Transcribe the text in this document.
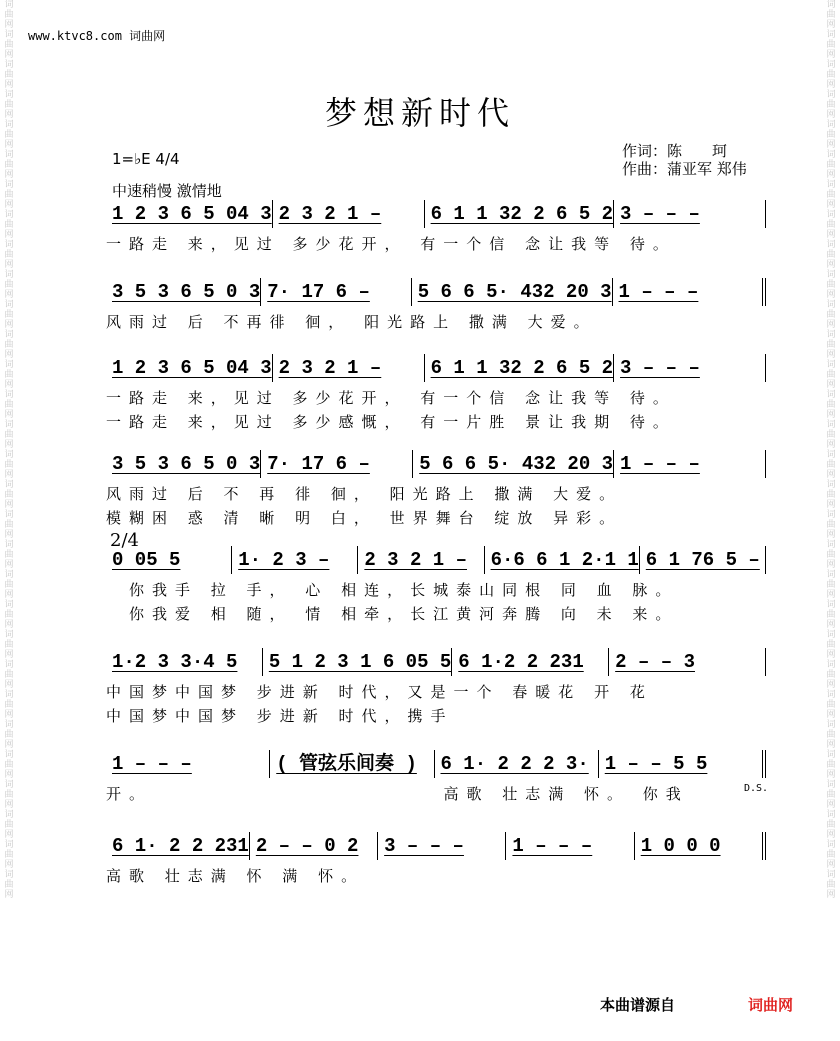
词曲网词曲网词曲网词曲网词曲网词曲网词曲网词曲网词曲网词曲网词曲网词曲网词曲网词曲网词曲网词曲网词曲网词曲网词曲网词曲网词曲网词曲网词曲网词曲网词曲网词曲网词曲网词曲网词曲网词曲网
词曲网词曲网词曲网词曲网词曲网词曲网词曲网词曲网词曲网词曲网词曲网词曲网词曲网词曲网词曲网词曲网词曲网词曲网词曲网词曲网词曲网词曲网词曲网词曲网词曲网词曲网词曲网词曲网词曲网词曲网
www.ktvc8.com 词曲网
梦想新时代
1=♭E 4/4
中速稍慢 激情地
作词：陈　　珂
作曲：蒲亚军 郑伟
2/4
D.S.
1 2 3 6 5 04 3 2 3 2 1 –	6 1 1 32 2 6 5 2 3 – – –
一路走 来，见过 多少花开， 有一个信 念让我等 待。
3 5 3 6 5 0 3 7· 17 6 –	5 6 6 5· 432 20 3 1 – – –
风雨过 后 不再徘 徊， 阳光路上 撒满 大爱。
1 2 3 6 5 04 3 2 3 2 1 –	6 1 1 32 2 6 5 2 3 – – –
一路走 来，见过 多少花开， 有一个信 念让我等 待。
一路走 来，见过 多少感慨， 有一片胜 景让我期 待。
3 5 3 6 5 0 3 7· 17 6 –	5 6 6 5· 432 20 3 1 – – –
风雨过 后 不 再 徘 徊， 阳光路上 撒满 大爱。
模糊困 惑 清 晰 明 白， 世界舞台 绽放 异彩。
0 05 5	1· 2 3 –	2 3 2 1 –	6·6 6 1 2·1 1 6 1 76 5 –
　你我手 拉 手， 心 相连，长城泰山同根 同 血 脉。
　你我爱 相 随， 情 相牵，长江黄河奔腾 向 未 来。
1·2 3 3·4 5	5 1 2 3 1 6 05 5 6 1·2 2 231	2 – – 3
中国梦中国梦 步进新 时代，又是一个 春暖花 开 花
中国梦中国梦 步进新 时代，携手
1 – – –	( 管弦乐间奏 )	6 1· 2 2 2 3· 1 – – 5 5
开。　　　　　　　　　　　　　高歌 壮志满 怀。 你我
6 1· 2 2 231 2 – – 0 2	3 – – –	1 – – –	1 0 0 0
高歌 壮志满 怀 满 怀。
本曲谱源自	词曲网
